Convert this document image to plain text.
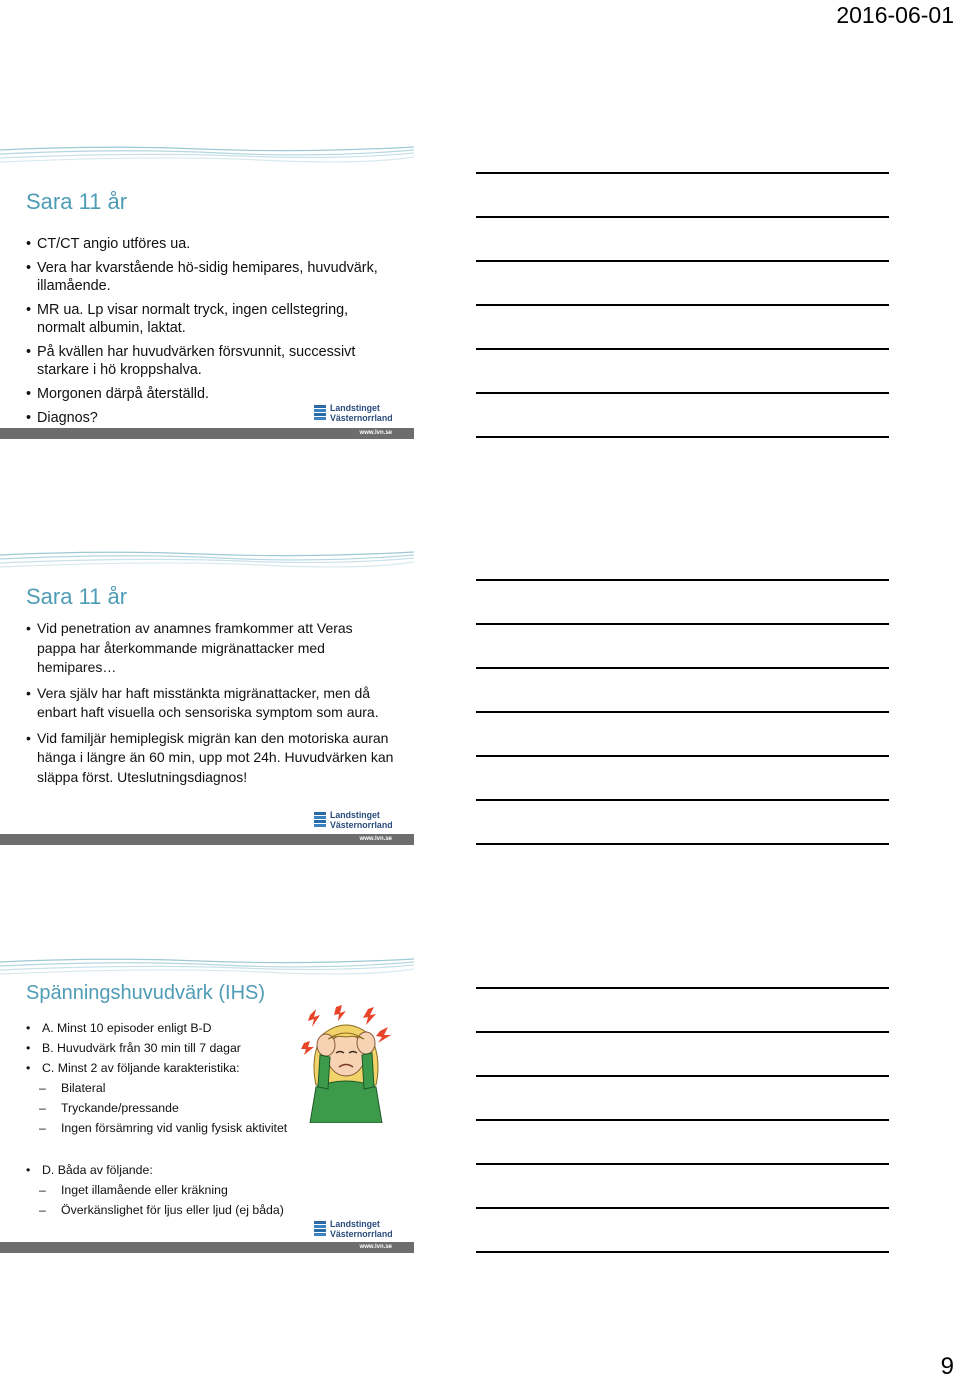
2016-06-01
Sara 11 år
• CT/CT angio utföres ua.
• Vera har kvarstående hö-sidig hemipares, huvudvärk, illamående.
• MR ua. Lp visar normalt tryck, ingen cellstegring, normalt albumin, laktat.
• På kvällen har huvudvärken försvunnit, successivt starkare i hö kroppshalva.
• Morgonen därpå återställd.
• Diagnos?
Landstinget
Västernorrland
www.lvn.se
Sara 11 år
• Vid penetration av anamnes framkommer att Veras pappa har återkommande migränattacker med hemipares…
• Vera själv har haft misstänkta migränattacker, men då enbart haft visuella och sensoriska symptom som aura.
• Vid familjär hemiplegisk migrän kan den motoriska auran hänga i längre än 60 min, upp mot 24h. Huvudvärken kan släppa först. Uteslutningsdiagnos!
Landstinget
Västernorrland
www.lvn.se
Spänningshuvudvärk (IHS)
• A. Minst 10 episoder enligt B-D
• B. Huvudvärk från 30 min till 7 dagar
• C. Minst 2 av följande karakteristika:
– Bilateral
– Tryckande/pressande
– Ingen försämring vid vanlig fysisk aktivitet
• D. Båda av följande:
– Inget illamående eller kräkning
– Överkänslighet för ljus eller ljud (ej båda)
Landstinget
Västernorrland
www.lvn.se
9
